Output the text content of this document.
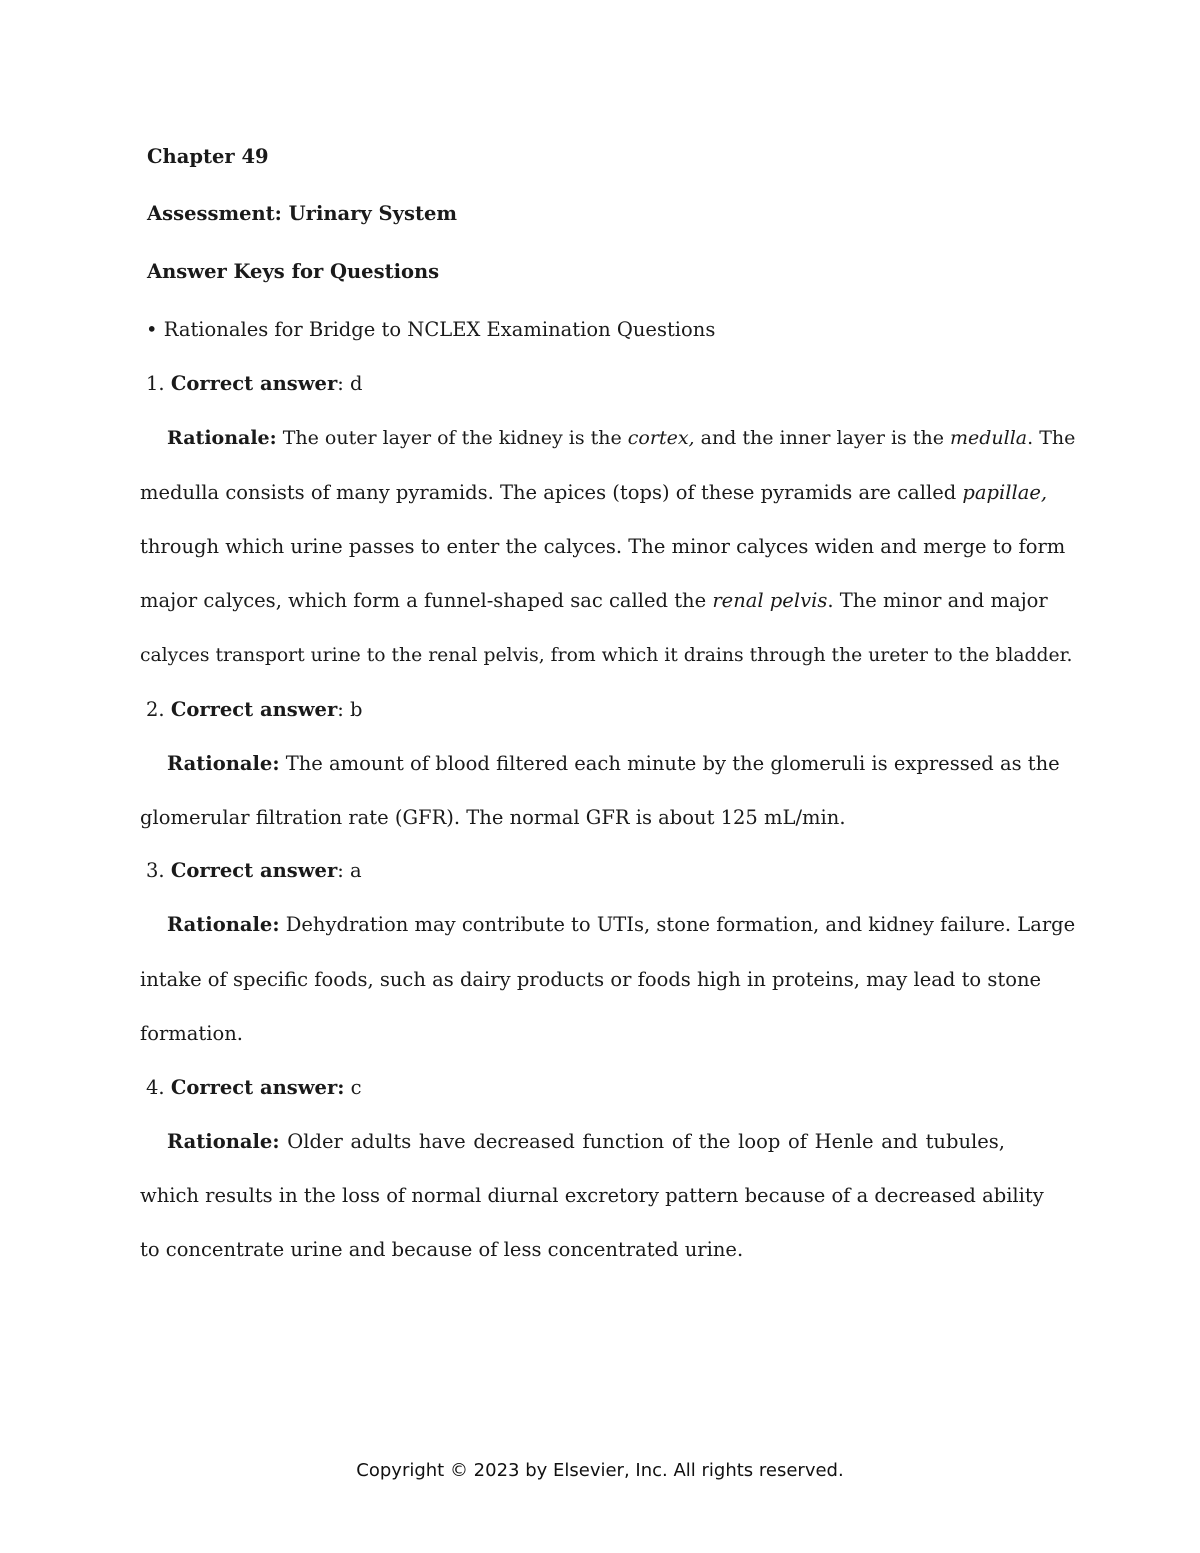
Chapter 49
Assessment: Urinary System
Answer Keys for Questions
• Rationales for Bridge to NCLEX Examination Questions
1. Correct answer: d
Rationale: The outer layer of the kidney is the cortex, and the inner layer is the medulla. The
medulla consists of many pyramids. The apices (tops) of these pyramids are called papillae,
through which urine passes to enter the calyces. The minor calyces widen and merge to form
major calyces, which form a funnel-shaped sac called the renal pelvis. The minor and major
calyces transport urine to the renal pelvis, from which it drains through the ureter to the bladder.
2. Correct answer: b
Rationale: The amount of blood filtered each minute by the glomeruli is expressed as the
glomerular filtration rate (GFR). The normal GFR is about 125 mL/min.
3. Correct answer: a
Rationale: Dehydration may contribute to UTIs, stone formation, and kidney failure. Large
intake of specific foods, such as dairy products or foods high in proteins, may lead to stone
formation.
4. Correct answer: c
Rationale: Older adults have decreased function of the loop of Henle and tubules,
which results in the loss of normal diurnal excretory pattern because of a decreased ability
to concentrate urine and because of less concentrated urine.
Copyright © 2023 by Elsevier, Inc. All rights reserved.
